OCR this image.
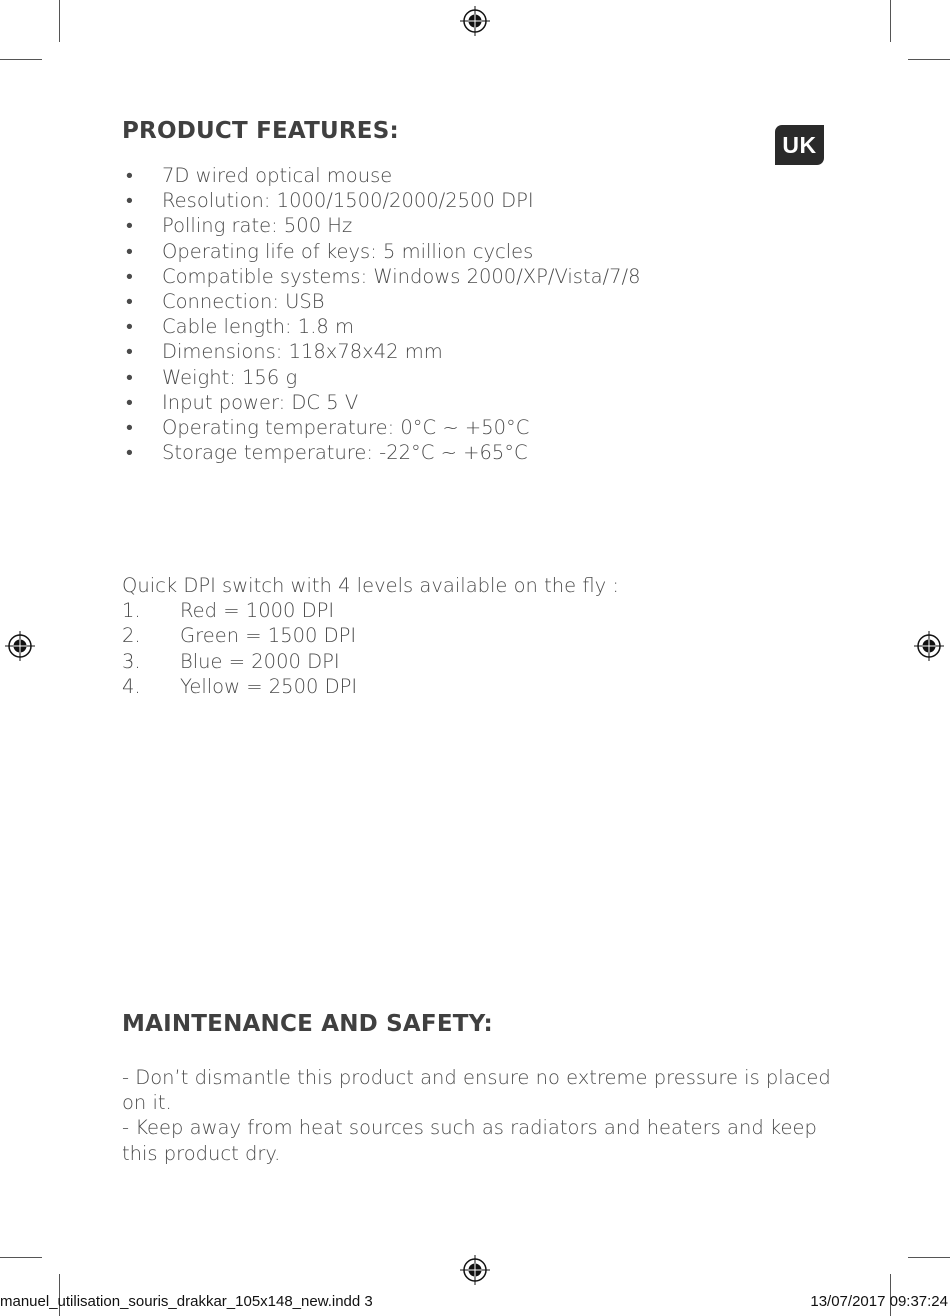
UK
PRODUCT FEATURES:
• 7D wired optical mouse
• Resolution: 1000/1500/2000/2500 DPI
• Polling rate: 500 Hz
• Operating life of keys: 5 million cycles
• Compatible systems: Windows 2000/XP/Vista/7/8
• Connection: USB
• Cable length: 1.8 m
• Dimensions: 118x78x42 mm
• Weight: 156 g
• Input power: DC 5 V
• Operating temperature: 0°C ~ +50°C
• Storage temperature: -22°C ~ +65°C
Quick DPI switch with 4 levels available on the fly :
1. Red = 1000 DPI
2. Green = 1500 DPI
3. Blue = 2000 DPI
4. Yellow = 2500 DPI
MAINTENANCE AND SAFETY:

- Don’t dismantle this product and ensure no extreme pressure is placed on it.

- Keep away from heat sources such as radiators and heaters and keep this product dry.

manuel_utilisation_souris_drakkar_105x148_new.indd 3	13/07/2017 09:37:24
